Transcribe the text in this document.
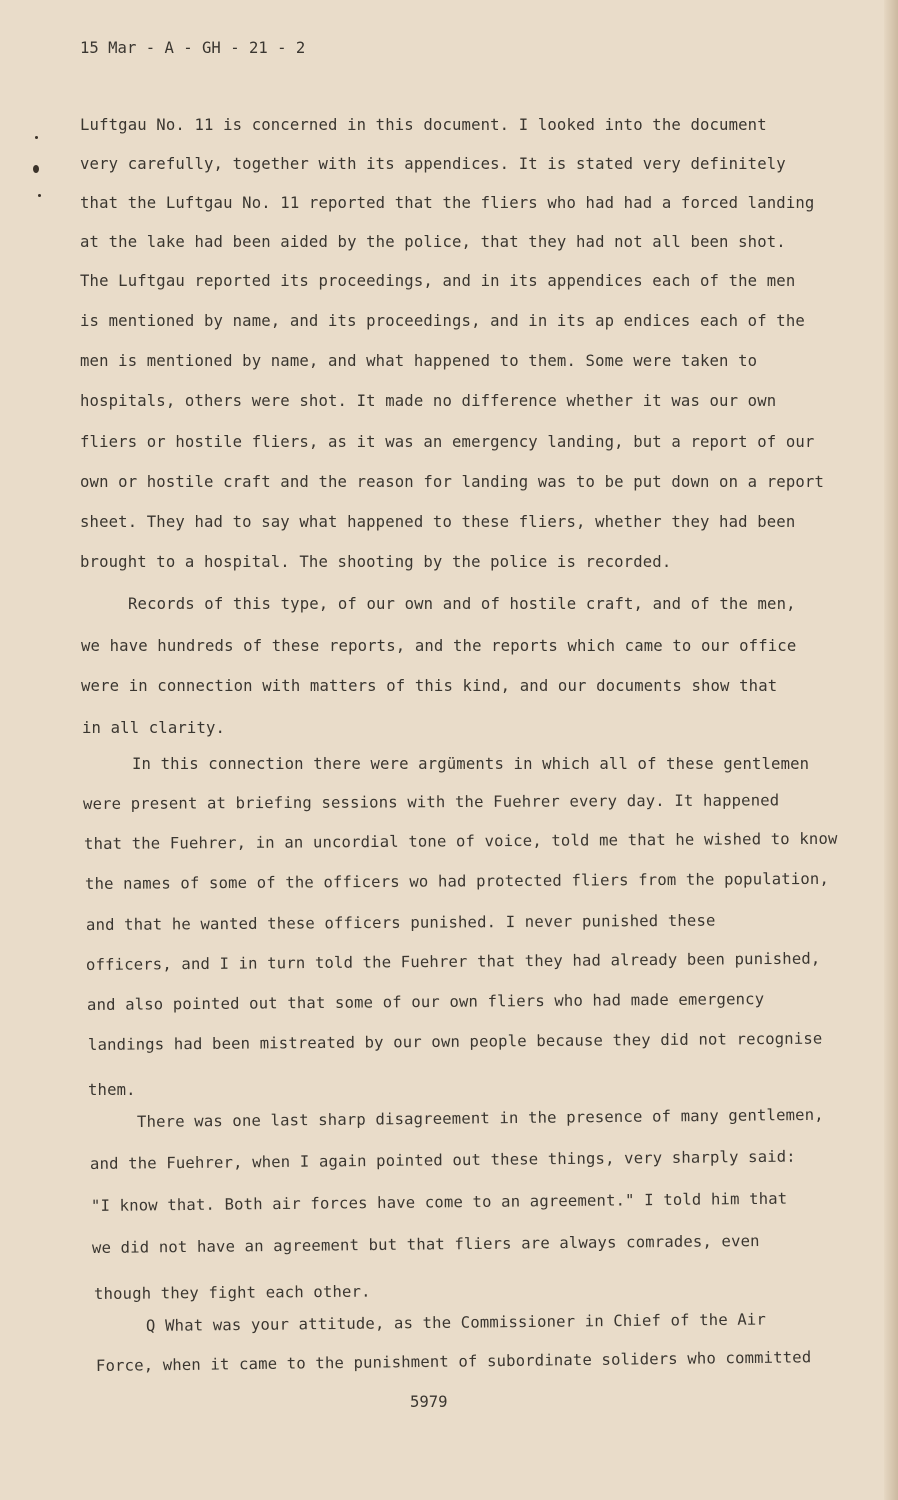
15 Mar - A - GH - 21 - 2
Luftgau No. 11 is concerned in this document. I looked into the document
very carefully, together with its appendices. It is stated very definitely
that the Luftgau No. 11 reported that the fliers who had had a forced landing
at the lake had been aided by the police, that they had not all been shot.
The Luftgau reported its proceedings, and in its appendices each of the men
is mentioned by name, and its proceedings, and in its ap endices each of the
men is mentioned by name, and what happened to them. Some were taken to
hospitals, others were shot. It made no difference whether it was our own
fliers or hostile fliers, as it was an emergency landing, but a report of our
own or hostile craft and the reason for landing was to be put down on a report
sheet. They had to say what happened to these fliers, whether they had been
brought to a hospital. The shooting by the police is recorded.
Records of this type, of our own and of hostile craft, and of the men,
we have hundreds of these reports, and the reports which came to our office
were in connection with matters of this kind, and our documents show that
in all clarity.
In this connection there were argüments in which all of these gentlemen
were present at briefing sessions with the Fuehrer every day. It happened
that the Fuehrer, in an uncordial tone of voice, told me that he wished to know
the names of some of the officers wo had protected fliers from the population,
and that he wanted these officers punished. I never punished these
officers, and I in turn told the Fuehrer that they had already been punished,
and also pointed out that some of our own fliers who had made emergency
landings had been mistreated by our own people because they did not recognise
them.
There was one last sharp disagreement in the presence of many gentlemen,
and the Fuehrer, when I again pointed out these things, very sharply said:
"I know that. Both air forces have come to an agreement." I told him that
we did not have an agreement but that fliers are always comrades, even
though they fight each other.
Q What was your attitude, as the Commissioner in Chief of the Air
Force, when it came to the punishment of subordinate soliders who committed
5979
